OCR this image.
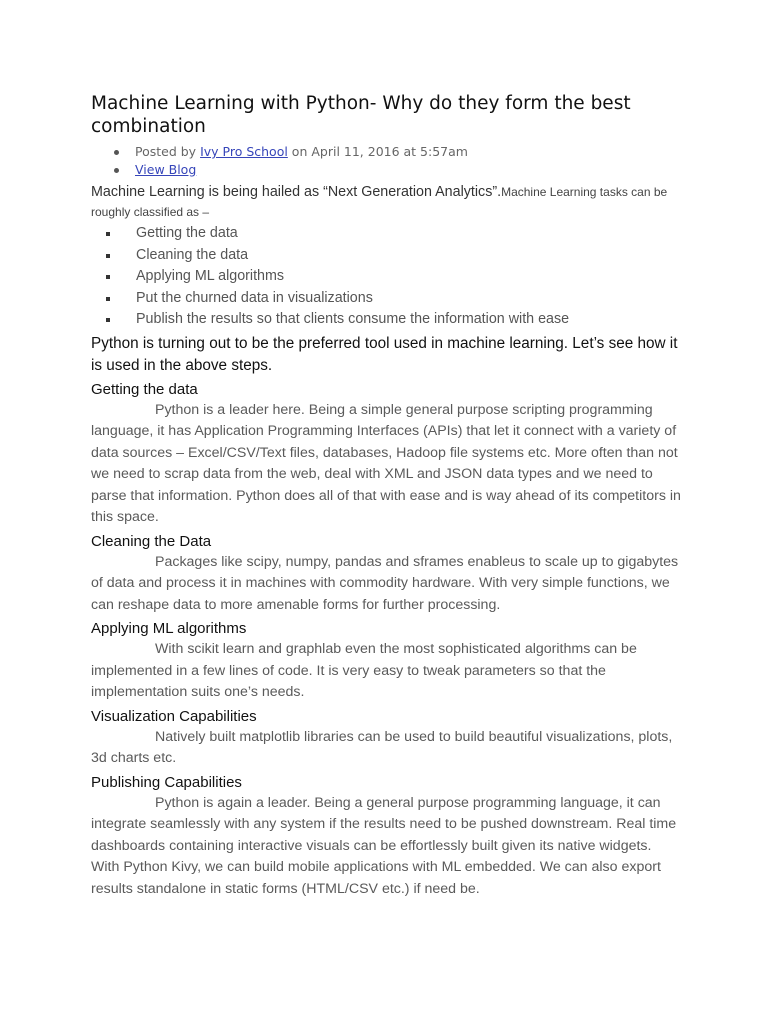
Machine Learning with Python- Why do they form the best combination
Posted by Ivy Pro School on April 11, 2016 at 5:57am
View Blog

Machine Learning is being hailed as “Next Generation Analytics”.Machine Learning tasks can be roughly classified as –

Getting the data
Cleaning the data
Applying ML algorithms
Put the churned data in visualizations
Publish the results so that clients consume the information with ease

Python is turning out to be the preferred tool used in machine learning. Let’s see how it is used in the above steps.

Getting the data

Python is a leader here. Being a simple general purpose scripting programming language, it has Application Programming Interfaces (APIs) that let it connect with a variety of data sources – Excel/CSV/Text files, databases, Hadoop file systems etc. More often than not we need to scrap data from the web, deal with XML and JSON data types and we need to parse that information. Python does all of that with ease and is way ahead of its competitors in this space.

Cleaning the Data

Packages like scipy, numpy, pandas and sframes enableus to scale up to gigabytes of data and process it in machines with commodity hardware. With very simple functions, we can reshape data to more amenable forms for further processing.

Applying ML algorithms

With scikit learn and graphlab even the most sophisticated algorithms can be implemented in a few lines of code. It is very easy to tweak parameters so that the implementation suits one’s needs.

Visualization Capabilities

Natively built matplotlib libraries can be used to build beautiful visualizations, plots, 3d charts etc.

Publishing Capabilities

Python is again a leader. Being a general purpose programming language, it can integrate seamlessly with any system if the results need to be pushed downstream. Real time dashboards containing interactive visuals can be effortlessly built given its native widgets. With Python Kivy, we can build mobile applications with ML embedded. We can also export results standalone in static forms (HTML/CSV etc.) if need be.
